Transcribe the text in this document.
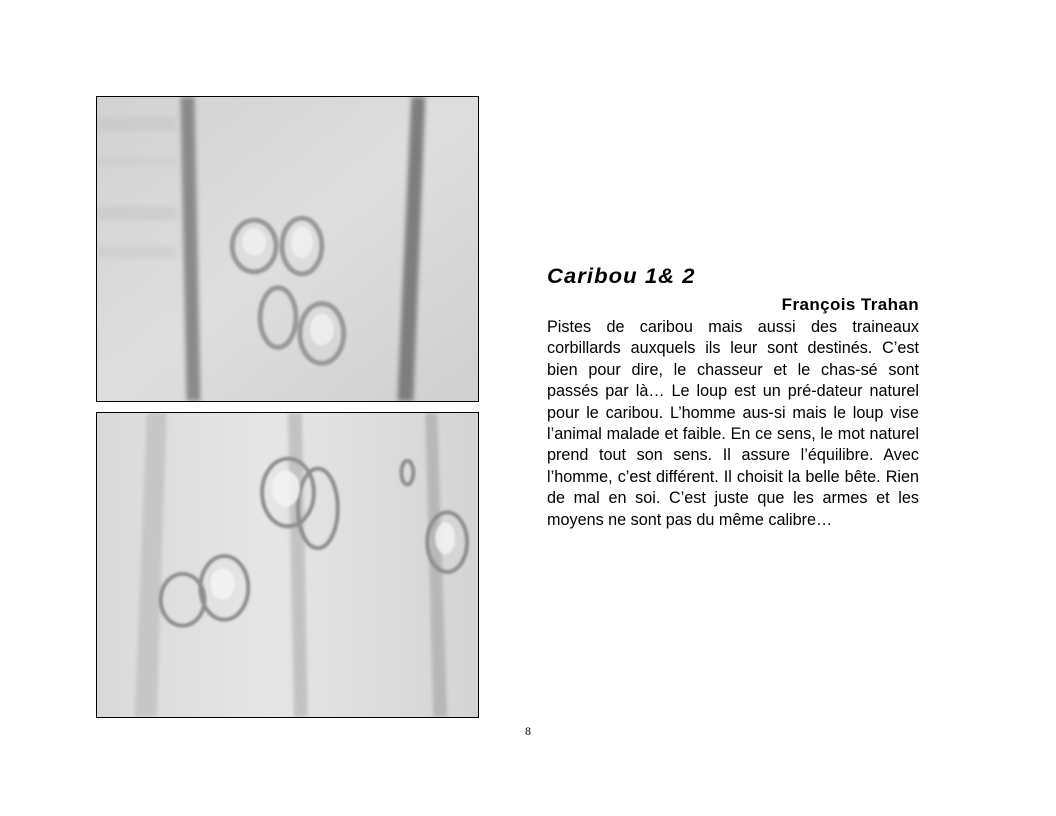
Caribou 1& 2
François Trahan

Pistes de caribou mais aussi des traineaux corbillards auxquels ils leur sont destinés. C’est bien pour dire, le chasseur et le chas-sé sont passés par là… Le loup est un pré-dateur naturel pour le caribou. L’homme aus-si mais le loup vise l’animal malade et faible. En ce sens, le mot naturel prend tout son sens. Il assure l’équilibre. Avec l’homme, c’est différent. Il choisit la belle bête. Rien de mal en soi. C’est juste que les armes et les moyens ne sont pas du même calibre…

8
